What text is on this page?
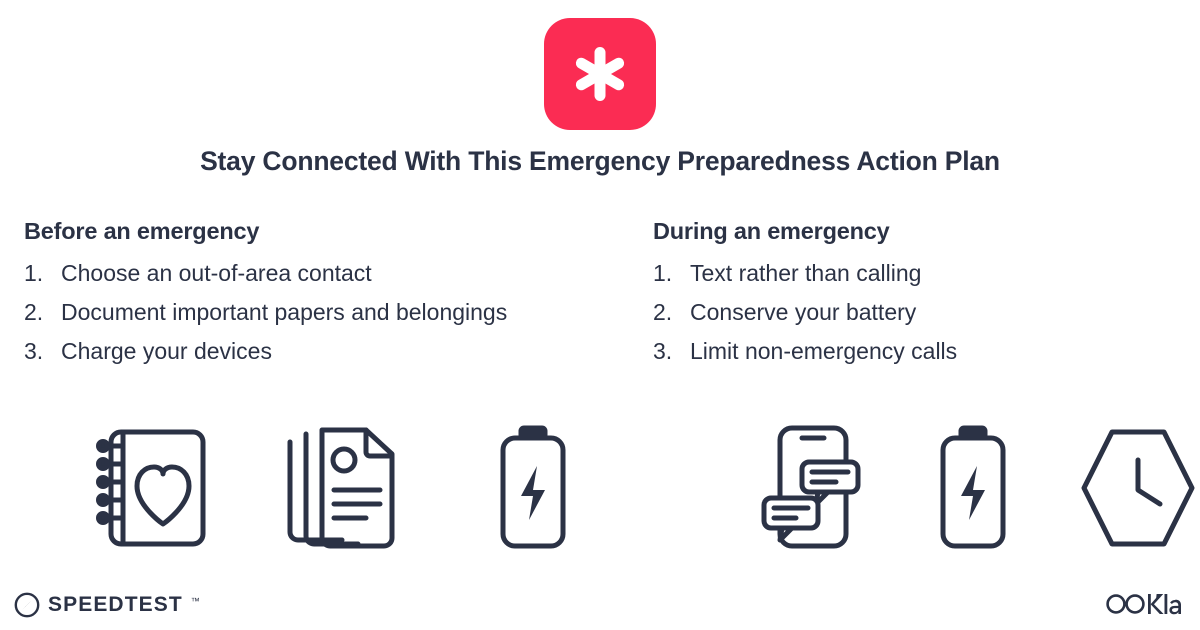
Stay Connected With This Emergency Preparedness Action Plan
Before an emergency
Choose an out-of-area contact
Document important papers and belongings
Charge your devices
During an emergency
Text rather than calling
Conserve your battery
Limit non-emergency calls
SPEEDTEST ™
